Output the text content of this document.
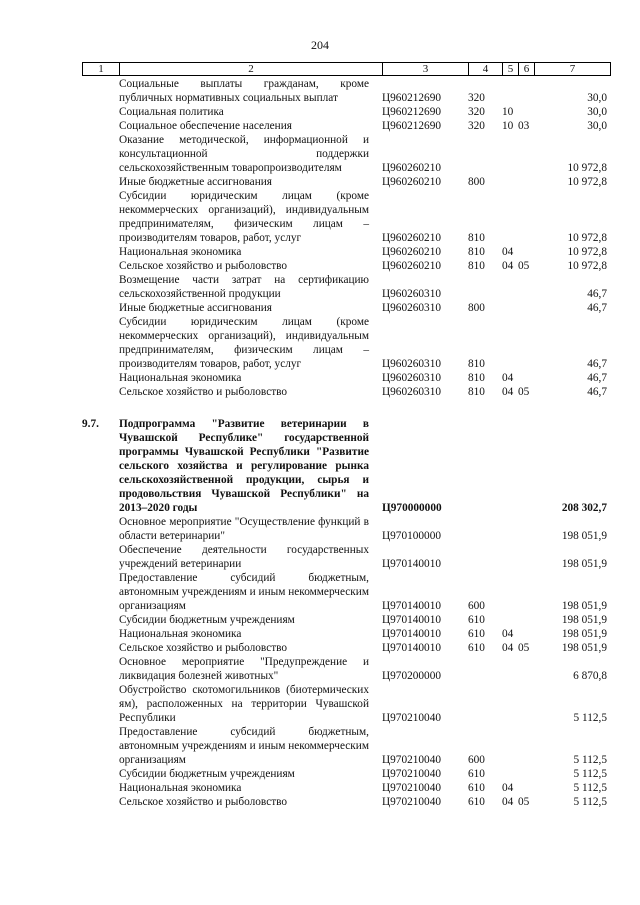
204
1	2	3	4	5	6	7
Социальные выплаты гражданам, кроме публичных нормативных социальных выплат	Ц960212690 320	30,0
Социальная политика	Ц960212690 320 10	30,0
Социальное обеспечение населения	Ц960212690 320 10 03	30,0
Оказание методической, информационной и консультационной поддержки сельскохозяйственным товаропроизводителям	Ц960260210	10 972,8
Иные бюджетные ассигнования	Ц960260210 800	10 972,8
Субсидии юридическим лицам (кроме некоммерческих организаций), индивидуальным предпринимателям, физическим лицам – производителям товаров, работ, услуг	Ц960260210 810	10 972,8
Национальная экономика	Ц960260210 810 04	10 972,8
Сельское хозяйство и рыболовство	Ц960260210 810 04 05	10 972,8
Возмещение части затрат на сертификацию сельскохозяйственной продукции	Ц960260310	46,7
Иные бюджетные ассигнования	Ц960260310 800	46,7
Субсидии юридическим лицам (кроме некоммерческих организаций), индивидуальным предпринимателям, физическим лицам – производителям товаров, работ, услуг	Ц960260310 810	46,7
Национальная экономика	Ц960260310 810 04	46,7
Сельское хозяйство и рыболовство	Ц960260310 810 04 05	46,7
9.7. Подпрограмма "Развитие ветеринарии в Чувашской Республике" государственной программы Чувашской Республики "Развитие сельского хозяйства и регулирование рынка сельскохозяйственной продукции, сырья и продовольствия Чувашской Республики" на 2013–2020 годы	Ц970000000	208 302,7
Основное мероприятие "Осуществление функций в области ветеринарии"	Ц970100000	198 051,9
Обеспечение деятельности государственных учреждений ветеринарии	Ц970140010	198 051,9
Предоставление субсидий бюджетным, автономным учреждениям и иным некоммерческим организациям	Ц970140010 600	198 051,9
Субсидии бюджетным учреждениям	Ц970140010 610	198 051,9
Национальная экономика	Ц970140010 610 04	198 051,9
Сельское хозяйство и рыболовство	Ц970140010 610 04 05	198 051,9
Основное мероприятие "Предупреждение и ликвидация болезней животных"	Ц970200000	6 870,8
Обустройство скотомогильников (биотермических ям), расположенных на территории Чувашской Республики	Ц970210040	5 112,5
Предоставление субсидий бюджетным, автономным учреждениям и иным некоммерческим организациям	Ц970210040 600	5 112,5
Субсидии бюджетным учреждениям	Ц970210040 610	5 112,5
Национальная экономика	Ц970210040 610 04	5 112,5
Сельское хозяйство и рыболовство	Ц970210040 610 04 05	5 112,5
